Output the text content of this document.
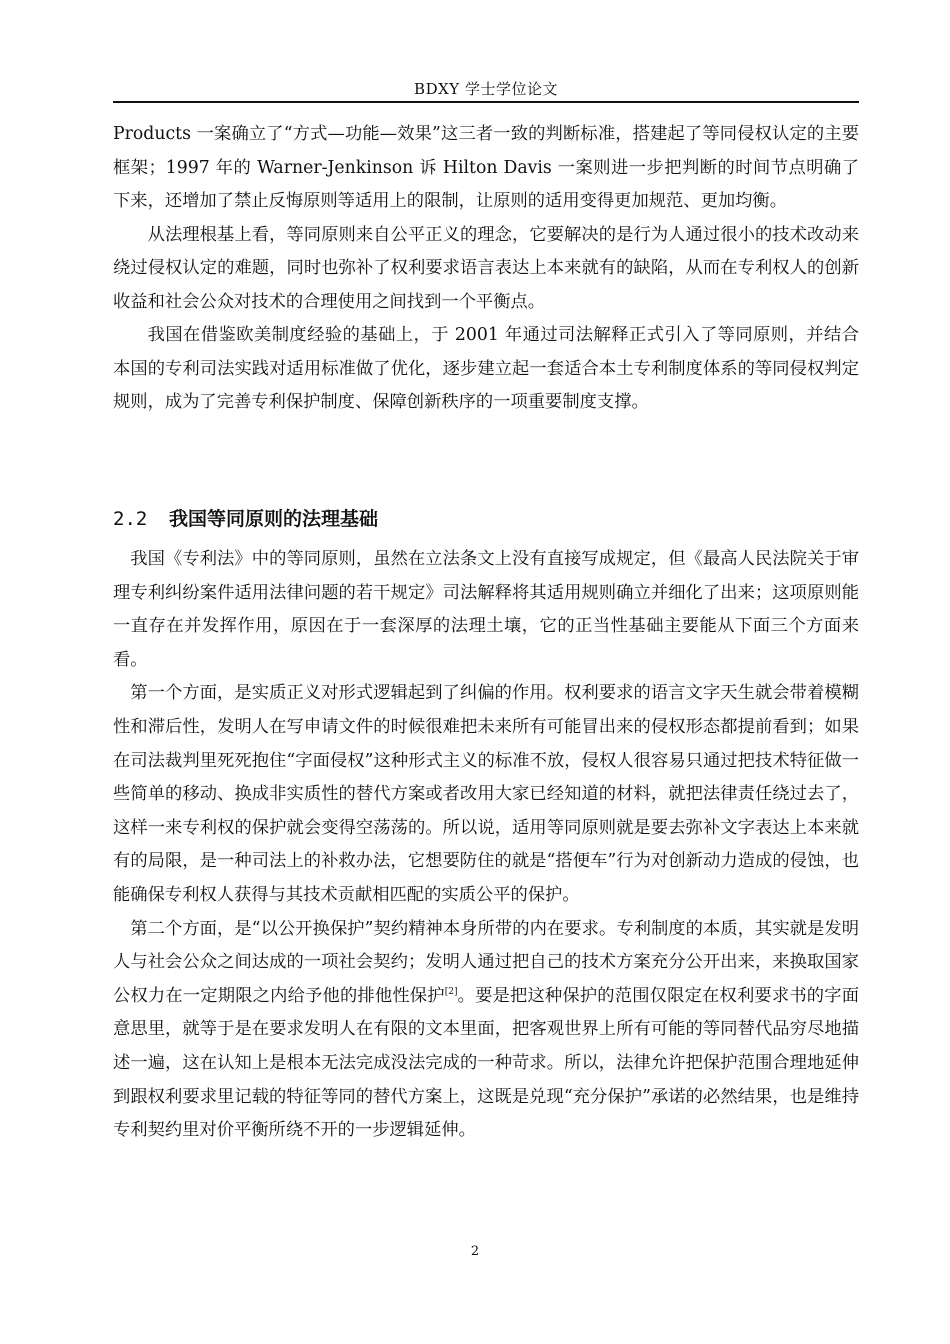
BDXY 学士学位论文

Products 一案确立了“方式—功能—效果”这三者一致的判断标准，搭建起了等同侵权认定的主要框架；1997 年的 Warner-Jenkinson 诉 Hilton Davis 一案则进一步把判断的时间节点明确了下来，还增加了禁止反悔原则等适用上的限制，让原则的适用变得更加规范、更加均衡。

从法理根基上看，等同原则来自公平正义的理念，它要解决的是行为人通过很小的技术改动来绕过侵权认定的难题，同时也弥补了权利要求语言表达上本来就有的缺陷，从而在专利权人的创新收益和社会公众对技术的合理使用之间找到一个平衡点。

我国在借鉴欧美制度经验的基础上，于 2001 年通过司法解释正式引入了等同原则，并结合本国的专利司法实践对适用标准做了优化，逐步建立起一套适合本土专利制度体系的等同侵权判定规则，成为了完善专利保护制度、保障创新秩序的一项重要制度支撑。

2.2 我国等同原则的法理基础

我国《专利法》中的等同原则，虽然在立法条文上没有直接写成规定，但《最高人民法院关于审理专利纠纷案件适用法律问题的若干规定》司法解释将其适用规则确立并细化了出来；这项原则能一直存在并发挥作用，原因在于一套深厚的法理土壤，它的正当性基础主要能从下面三个方面来看。

第一个方面，是实质正义对形式逻辑起到了纠偏的作用。权利要求的语言文字天生就会带着模糊性和滞后性，发明人在写申请文件的时候很难把未来所有可能冒出来的侵权形态都提前看到；如果在司法裁判里死死抱住“字面侵权”这种形式主义的标准不放，侵权人很容易只通过把技术特征做一些简单的移动、换成非实质性的替代方案或者改用大家已经知道的材料，就把法律责任绕过去了，这样一来专利权的保护就会变得空荡荡的。所以说，适用等同原则就是要去弥补文字表达上本来就有的局限，是一种司法上的补救办法，它想要防住的就是“搭便车”行为对创新动力造成的侵蚀，也能确保专利权人获得与其技术贡献相匹配的实质公平的保护。

第二个方面，是“以公开换保护”契约精神本身所带的内在要求。专利制度的本质，其实就是发明人与社会公众之间达成的一项社会契约；发明人通过把自己的技术方案充分公开出来，来换取国家公权力在一定期限之内给予他的排他性保护[2]。要是把这种保护的范围仅限定在权利要求书的字面意思里，就等于是在要求发明人在有限的文本里面，把客观世界上所有可能的等同替代品穷尽地描述一遍，这在认知上是根本无法完成没法完成的一种苛求。所以，法律允许把保护范围合理地延伸到跟权利要求里记载的特征等同的替代方案上，这既是兑现“充分保护”承诺的必然结果，也是维持专利契约里对价平衡所绕不开的一步逻辑延伸。

2
